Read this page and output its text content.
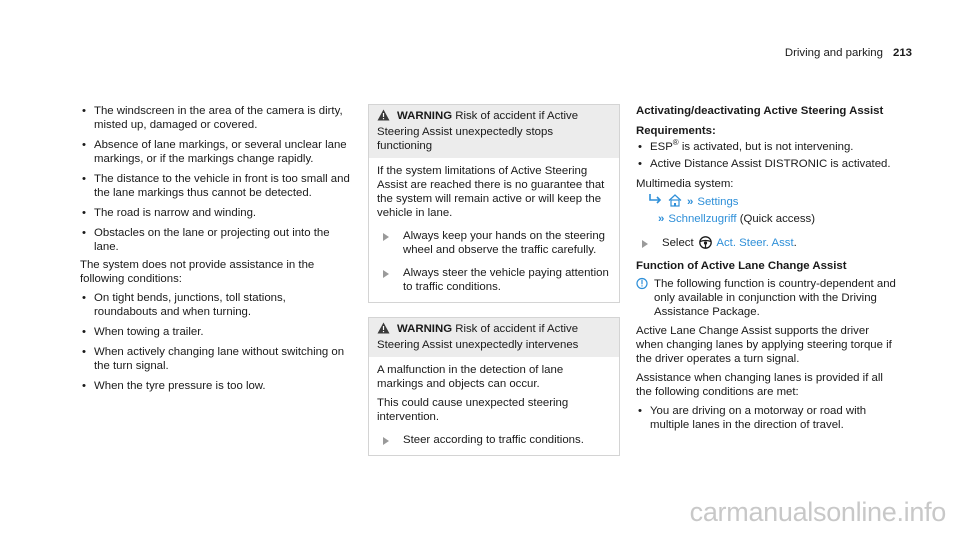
Driving and parking 213
• The windscreen in the area of the camera is dirty, misted up, damaged or covered.
• Absence of lane markings, or several unclear lane markings, or if the markings change rapidly.
• The distance to the vehicle in front is too small and the lane markings thus cannot be detected.
• The road is narrow and winding.
• Obstacles on the lane or projecting out into the lane.

The system does not provide assistance in the following conditions:

• On tight bends, junctions, toll stations, roundabouts and when turning.
• When towing a trailer.
• When actively changing lane without switching on the turn signal.
• When the tyre pressure is too low.
WARNING Risk of accident if Active Steering Assist unexpectedly stops functioning

If the system limitations of Active Steering Assist are reached there is no guarantee that the system will remain active or will keep the vehicle in lane.

Always keep your hands on the steering wheel and observe the traffic carefully.
Always steer the vehicle paying attention to traffic conditions.
WARNING Risk of accident if Active Steering Assist unexpectedly intervenes

A malfunction in the detection of lane markings and objects can occur.

This could cause unexpected steering intervention.

Steer according to traffic conditions.
Activating/deactivating Active Steering Assist
Requirements:
• ESP® is activated, but is not intervening.
• Active Distance Assist DISTRONIC is activated.

Multimedia system:

» Settings
» Schnellzugriff (Quick access)
Select Act. Steer. Asst.
Function of Active Lane Change Assist
The following function is country-dependent and only available in conjunction with the Driving Assistance Package.

Active Lane Change Assist supports the driver when changing lanes by applying steering torque if the driver operates a turn signal.

Assistance when changing lanes is provided if all the following conditions are met:

• You are driving on a motorway or road with multiple lanes in the direction of travel.
carmanualsonline.info
